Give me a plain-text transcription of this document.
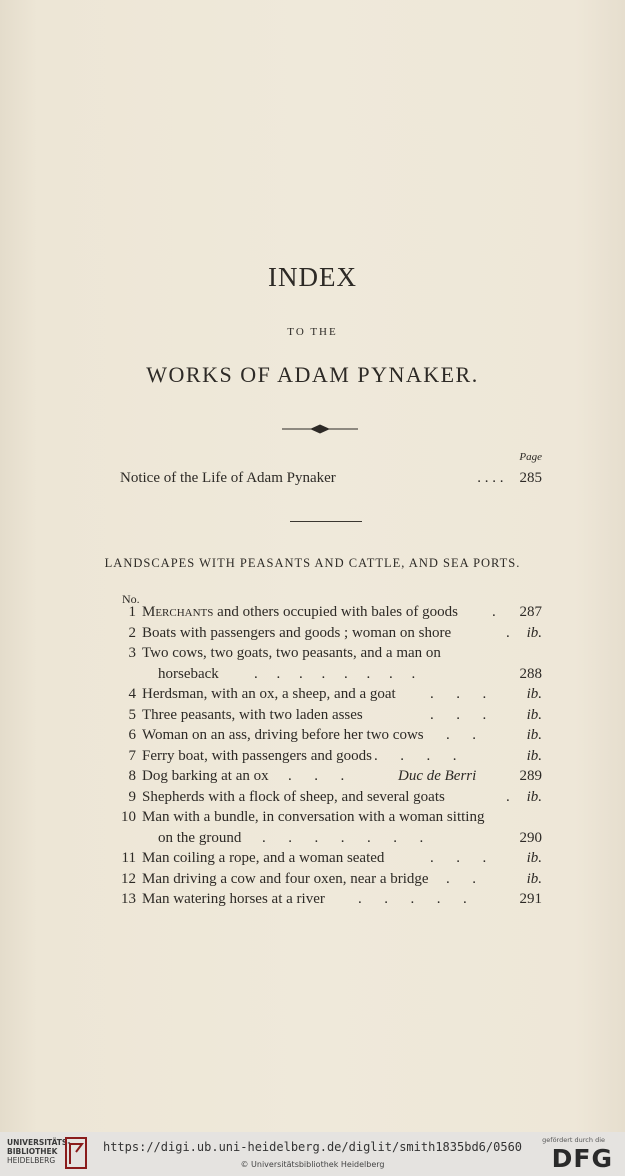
INDEX
TO THE
WORKS OF ADAM PYNAKER.
Page
Notice of the Life of Adam Pynaker	. . . . 285
LANDSCAPES WITH PEASANTS AND CATTLE, AND SEA PORTS.
No.
1 Merchants and others occupied with bales of goods	. 287
2 Boats with passengers and goods ; woman on shore	. ib.
3 Two cows, two goats, two peasants, and a man on
horseback	.     .     .     .     .     .     .     .	288
4 Herdsman, with an ox, a sheep, and a goat	.      .      .	ib.
5 Three peasants, with two laden asses	.      .      .	ib.
6 Woman on an ass, driving before her two cows	.      .	ib.
7 Ferry boat, with passengers and goods .      .      .      .	ib.
8 Dog barking at an ox	.      .      .	Duc de Berri	289
9 Shepherds with a flock of sheep, and several goats	. ib.
10 Man with a bundle, in conversation with a woman sitting
on the ground	.      .      .      .      .      .      .	290
11 Man coiling a rope, and a woman seated	.      .      .	ib.
12 Man driving a cow and four oxen, near a bridge	.      .	ib.
13 Man watering horses at a river	.      .      .      .      .	291
UNIVERSITÄTS-
BIBLIOTHEK
HEIDELBERG
https://digi.ub.uni-heidelberg.de/diglit/smith1835bd6/0560
© Universitätsbibliothek Heidelberg
gefördert durch die
DFG
